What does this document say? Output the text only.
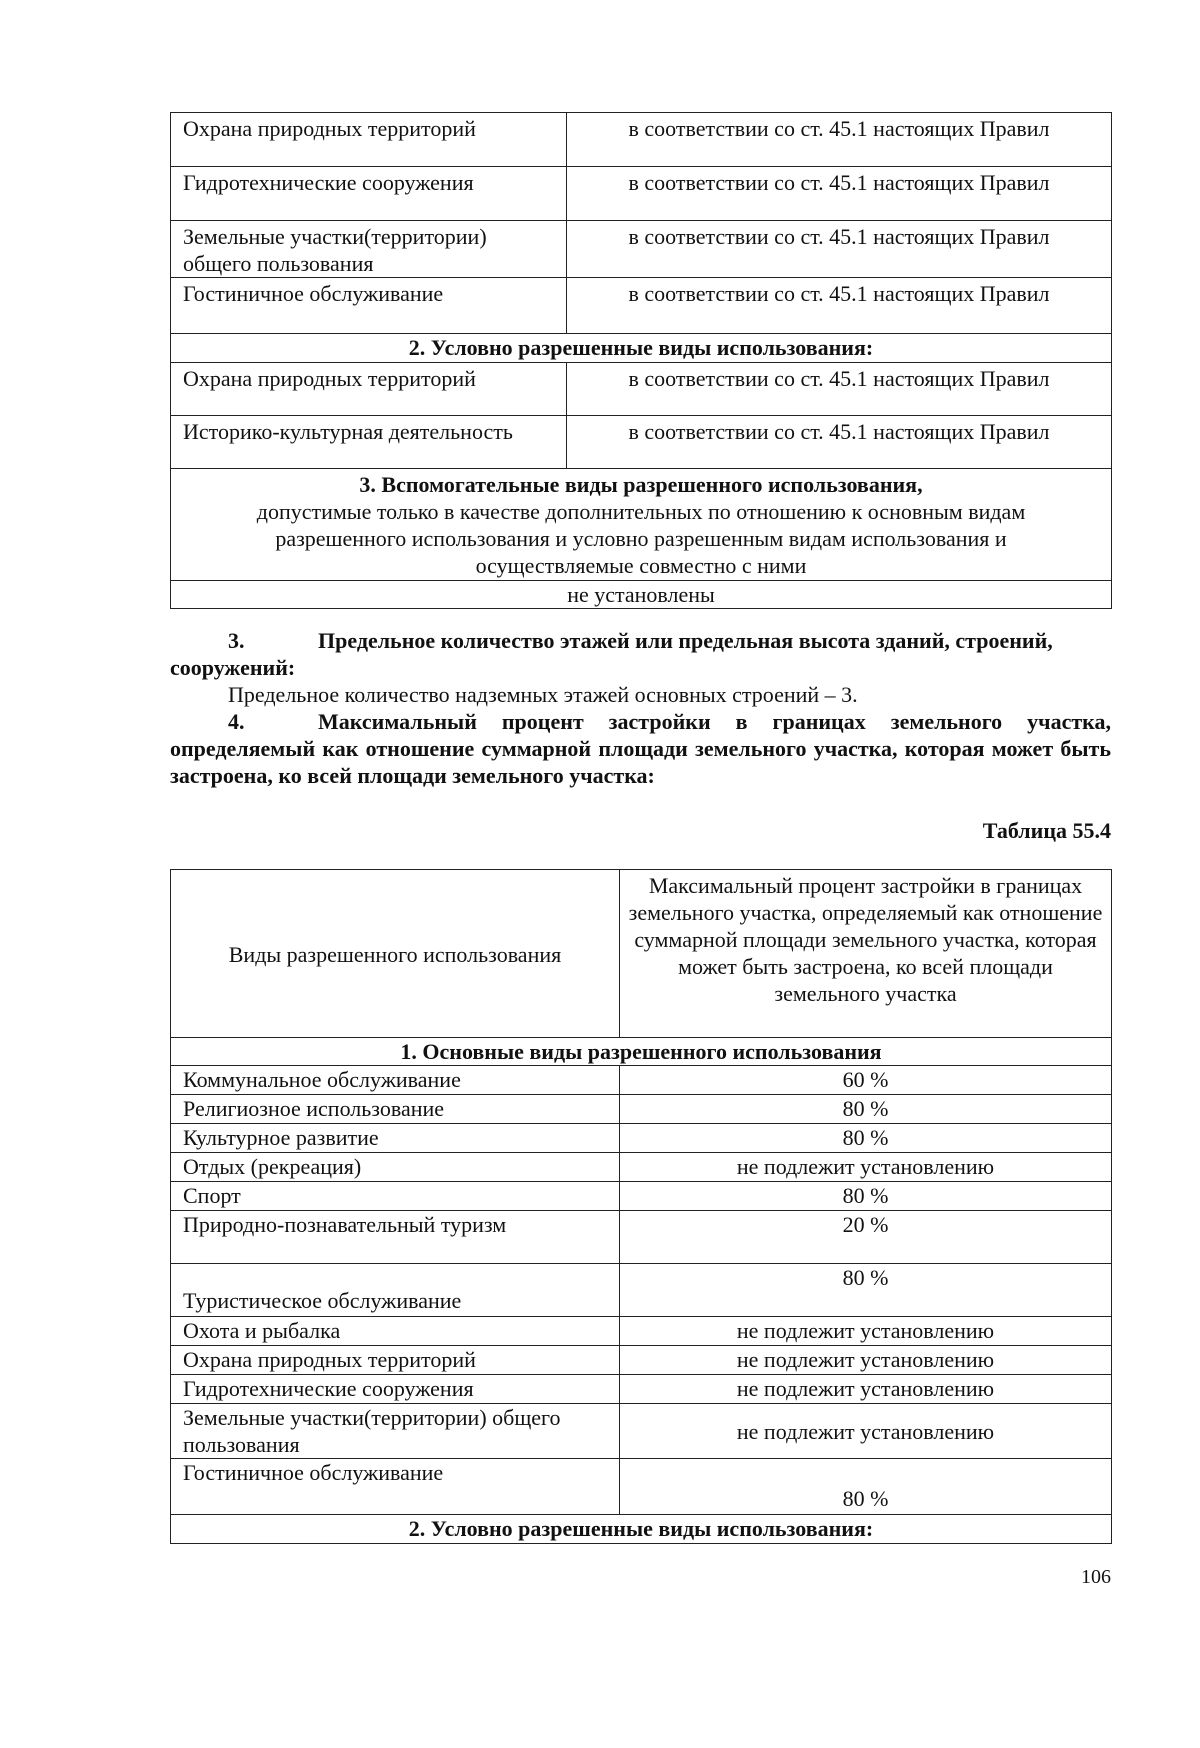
Охрана природных территорий	в соответствии со ст. 45.1 настоящих Правил
Гидротехнические сооружения	в соответствии со ст. 45.1 настоящих Правил
Земельные участки(территории) общего пользования	в соответствии со ст. 45.1 настоящих Правил
Гостиничное обслуживание	в соответствии со ст. 45.1 настоящих Правил
2. Условно разрешенные виды использования:	
Охрана природных территорий	в соответствии со ст. 45.1 настоящих Правил
Историко-культурная деятельность	в соответствии со ст. 45.1 настоящих Правил

3. Вспомогательные виды разрешенного использования,
допустимые только в качестве дополнительных по отношению к основным видам разрешенного использования и условно разрешенным видам использования и осуществляемые совместно с ними	

не установлены	
3.	Предельное количество этажей или предельная высота зданий, строений, сооружений:
Предельное количество надземных этажей основных строений – 3.
4.	Максимальный процент застройки в границах земельного участка, определяемый как отношение суммарной площади земельного участка, которая может быть застроена, ко всей площади земельного участка:
Таблица 55.4
Виды разрешенного использования	Максимальный процент застройки в границах земельного участка, определяемый как отношение суммарной площади земельного участка, которая может быть застроена, ко всей площади земельного участка
1. Основные виды разрешенного использования	
Коммунальное обслуживание	60 %
Религиозное использование	80 %
Культурное развитие	80 %
Отдых (рекреация)	не подлежит установлению
Спорт	80 %
Природно-познавательный туризм	20 %
Туристическое обслуживание	80 %
Охота и рыбалка	не подлежит установлению
Охрана природных территорий	не подлежит установлению
Гидротехнические сооружения	не подлежит установлению
Земельные участки(территории) общего пользования	не подлежит установлению
Гостиничное обслуживание	80 %
2. Условно разрешенные виды использования:	
106
